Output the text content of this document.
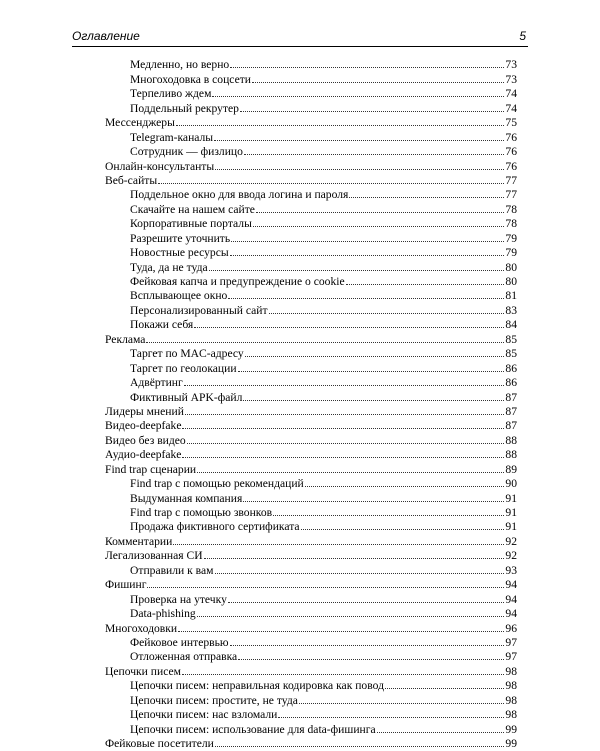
Оглавление	5
Медленно, но верно	73
Многоходовка в соцсети	73
Терпеливо ждем	74
Поддельный рекрутер	74
Мессенджеры	75
Telegram-каналы	76
Сотрудник — физлицо	76
Онлайн-консультанты	76
Веб-сайты	77
Поддельное окно для ввода логина и пароля	77
Скачайте на нашем сайте	78
Корпоративные порталы	78
Разрешите уточнить	79
Новостные ресурсы	79
Туда, да не туда	80
Фейковая капча и предупреждение о cookie	80
Всплывающее окно	81
Персонализированный сайт	83
Покажи себя	84
Реклама	85
Таргет по MAC-адресу	85
Таргет по геолокации	86
Адвёртинг	86
Фиктивный APK-файл	87
Лидеры мнений	87
Видео-deepfake	87
Видео без видео	88
Аудио-deepfake	88
Find trap сценарии	89
Find trap с помощью рекомендаций	90
Выдуманная компания	91
Find trap с помощью звонков	91
Продажа фиктивного сертификата	91
Комментарии	92
Легализованная СИ	92
Отправили к вам	93
Фишинг	94
Проверка на утечку	94
Data-phishing	94
Многоходовки	96
Фейковое интервью	97
Отложенная отправка	97
Цепочки писем	98
Цепочки писем: неправильная кодировка как повод	98
Цепочки писем: простите, не туда	98
Цепочки писем: нас взломали	98
Цепочки писем: использование для data-фишинга	99
Фейковые посетители	99
